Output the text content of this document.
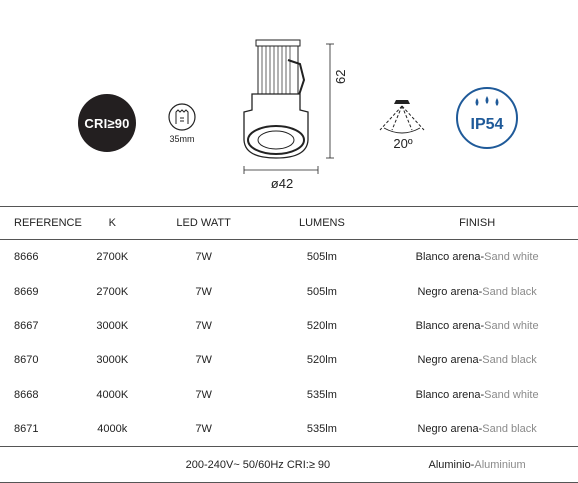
CRI≥90
35mm
62
ø42
20º
IP54
REFERENCE	K	LED WATT	LUMENS	FINISH
8666	2700K	7W	505lm	Blanco arena-Sand white
8669	2700K	7W	505lm	Negro arena-Sand black
8667	3000K	7W	520lm	Blanco arena-Sand white
8670	3000K	7W	520lm	Negro arena-Sand black
8668	4000K	7W	535lm	Blanco arena-Sand white
8671	4000k	7W	535lm	Negro arena-Sand black
		200-240V~ 50/60Hz CRI:≥ 90		Aluminio-Aluminium
